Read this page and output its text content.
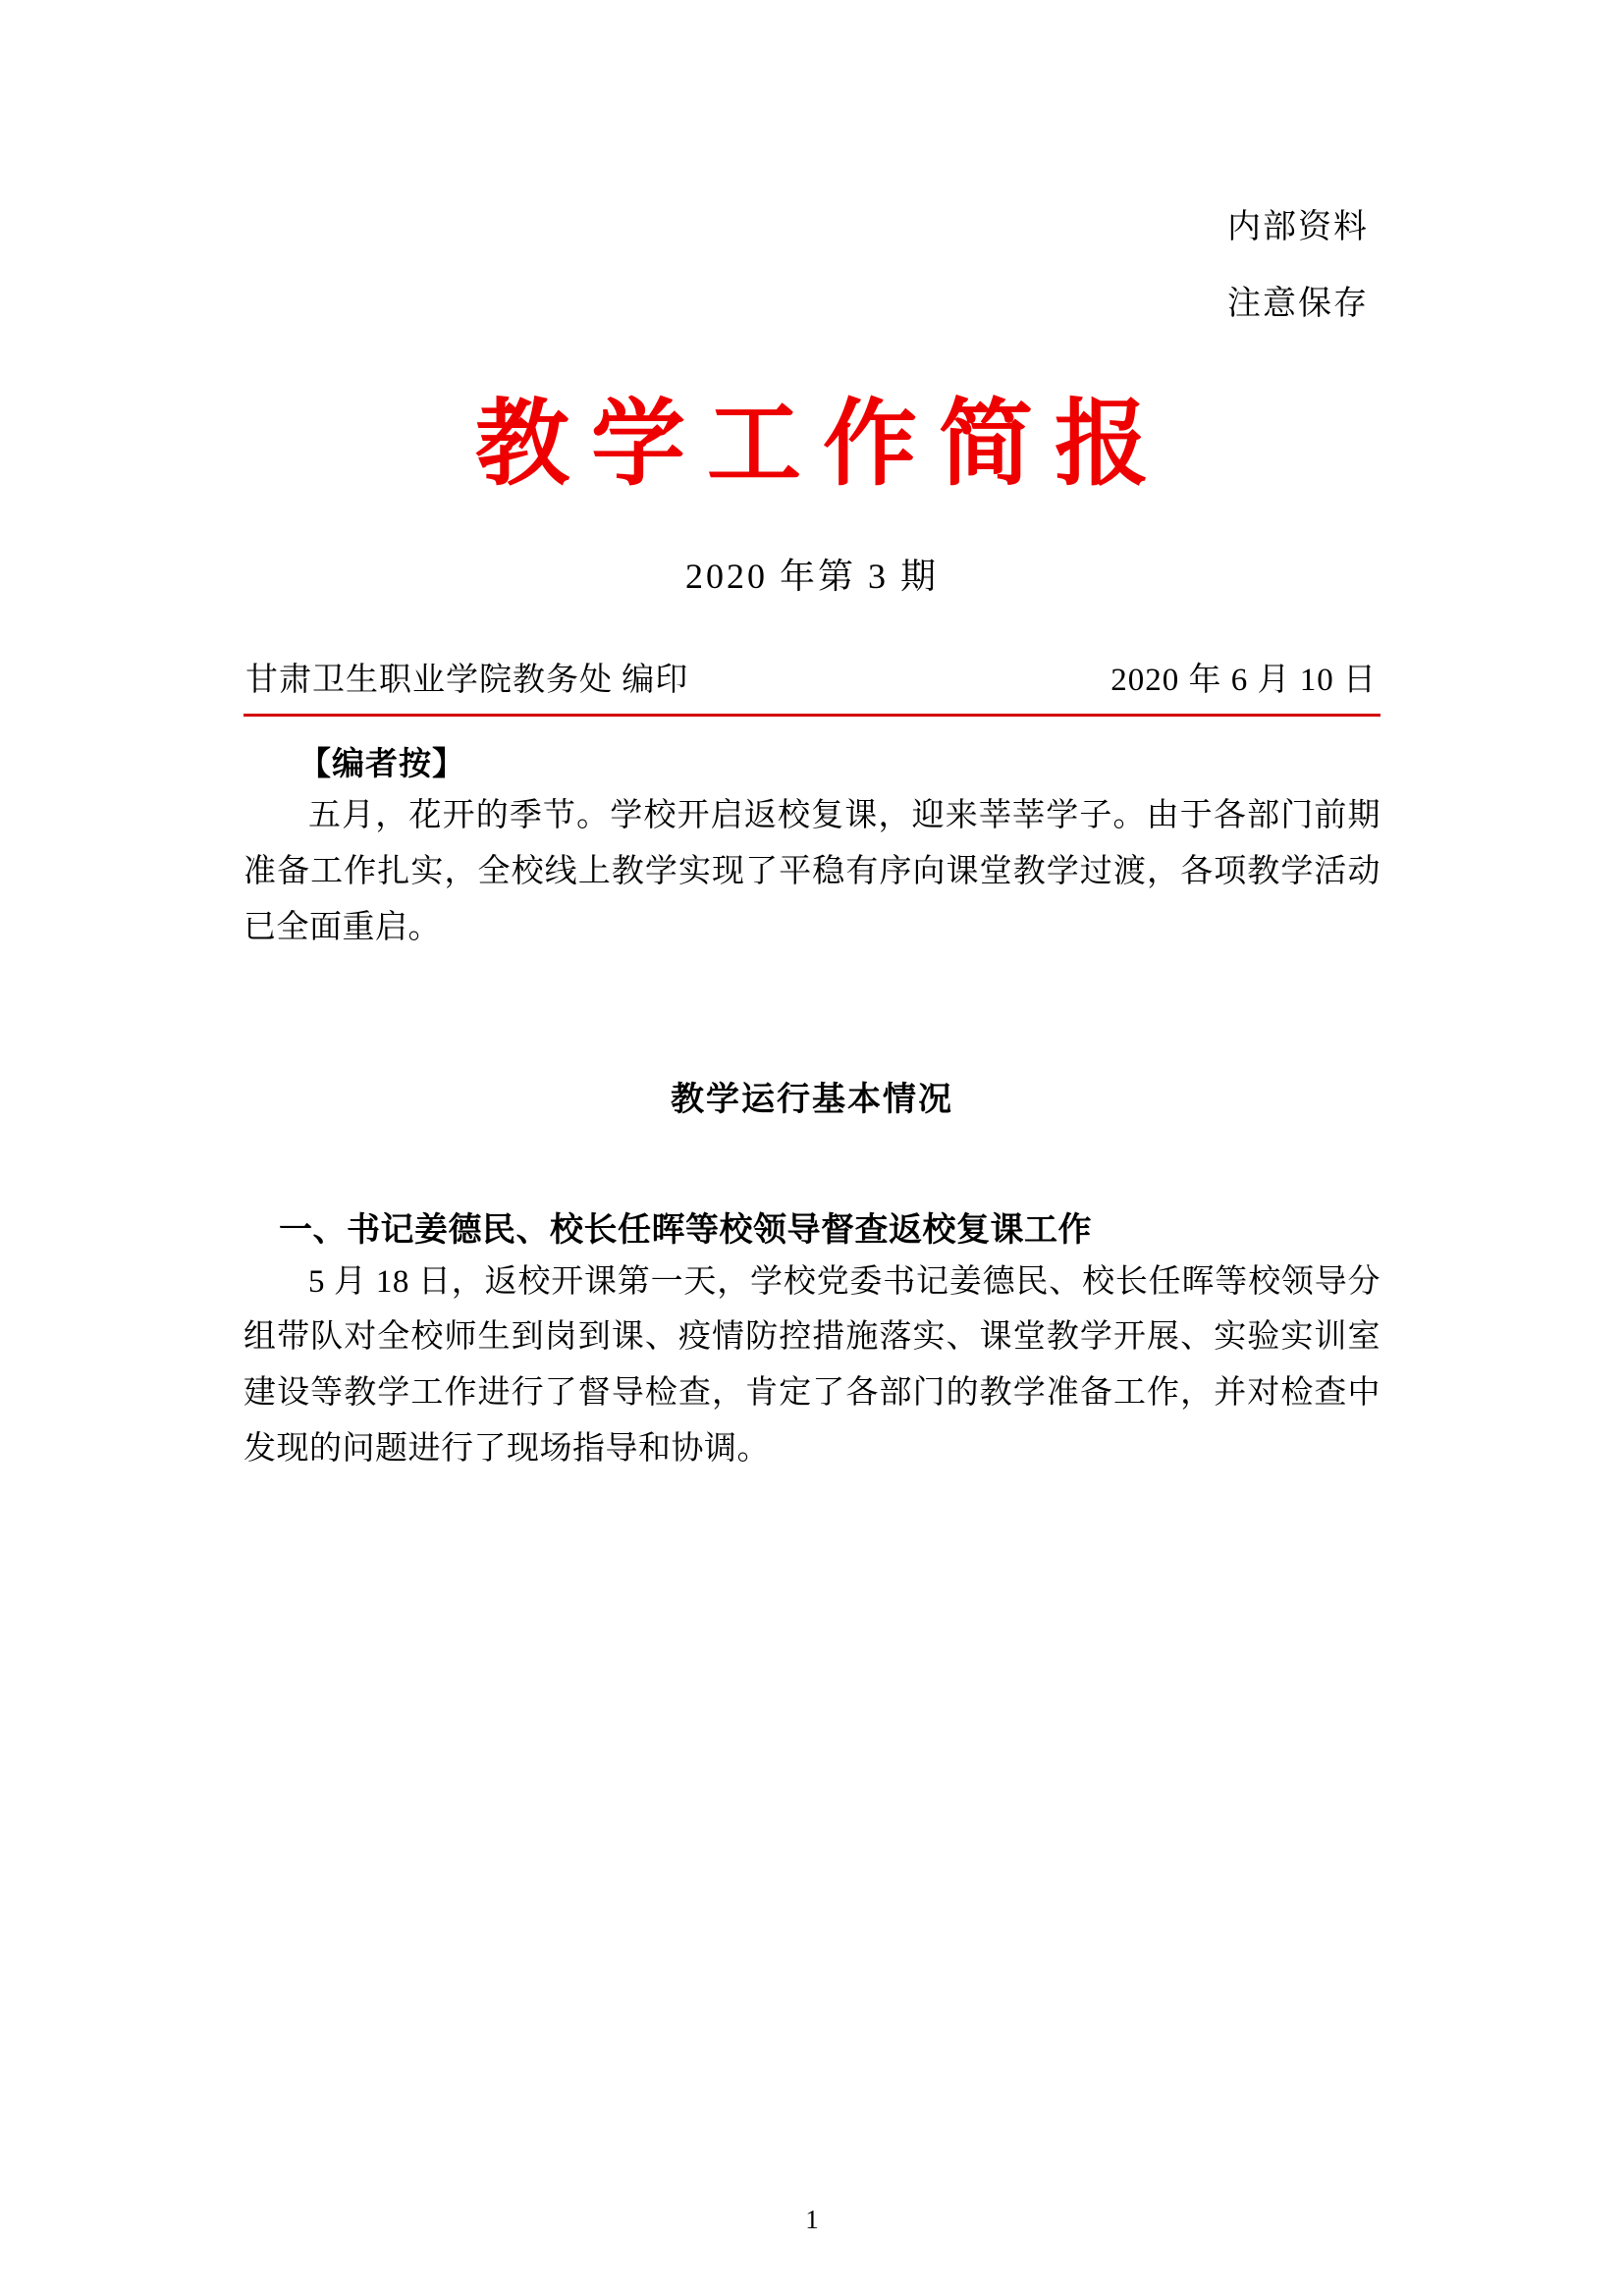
内部资料
注意保存
教学工作简报
2020 年第 3 期
甘肃卫生职业学院教务处 编印	2020 年 6 月 10 日
【编者按】

五月，花开的季节。学校开启返校复课，迎来莘莘学子。由于各部门前期准备工作扎实，全校线上教学实现了平稳有序向课堂教学过渡，各项教学活动已全面重启。

教学运行基本情况
一、书记姜德民、校长任晖等校领导督查返校复课工作

5 月 18 日，返校开课第一天，学校党委书记姜德民、校长任晖等校领导分组带队对全校师生到岗到课、疫情防控措施落实、课堂教学开展、实验实训室建设等教学工作进行了督导检查，肯定了各部门的教学准备工作，并对检查中发现的问题进行了现场指导和协调。

1
